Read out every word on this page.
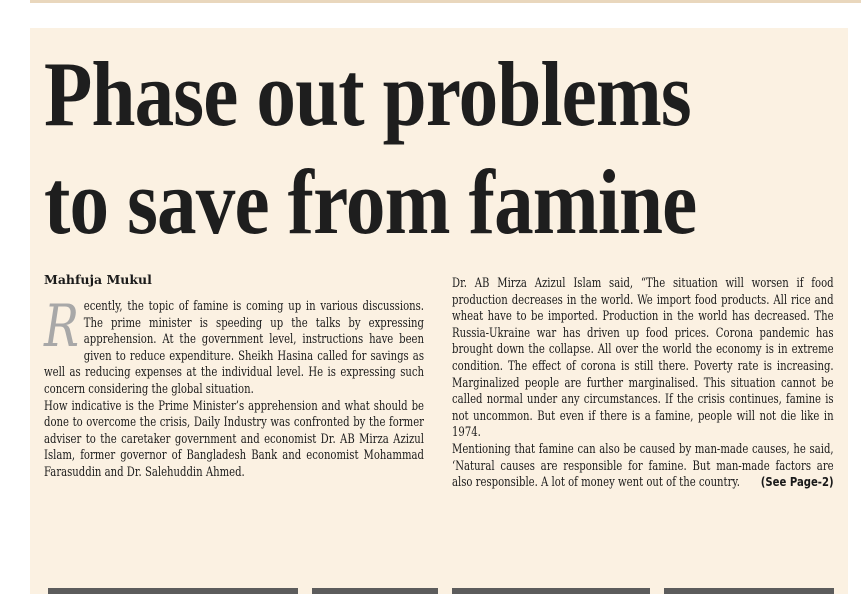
Phase out problems
to save from famine
Mahfuja Mukul

R ecently, the topic of famine is coming up in various discussions. The prime minister is speeding up the talks by expressing apprehension. At the government level, instructions have been given to reduce expenditure. Sheikh Hasina called for savings as well as reducing expenses at the individual level. He is expressing such concern considering the global situation.

How indicative is the Prime Minister’s apprehension and what should be done to overcome the crisis, Daily Industry was confronted by the former adviser to the caretaker government and economist Dr. AB Mirza Azizul Islam, former governor of Bangladesh Bank and economist Mohammad Farasuddin and Dr. Salehuddin Ahmed.

Dr. AB Mirza Azizul Islam said, “The situation will worsen if food production decreases in the world. We import food products. All rice and wheat have to be imported. Production in the world has decreased. The Russia-Ukraine war has driven up food prices. Corona pandemic has brought down the collapse. All over the world the economy is in extreme condition. The effect of corona is still there. Poverty rate is increasing. Marginalized people are further marginalised. This situation cannot be called normal under any circumstances. If the crisis continues, famine is not uncommon. But even if there is a famine, people will not die like in 1974.

Mentioning that famine can also be caused by man-made causes, he said, ‘Natural causes are responsible for famine. But man-made factors are also responsible. A lot of money went out of the country. (See Page-2)
